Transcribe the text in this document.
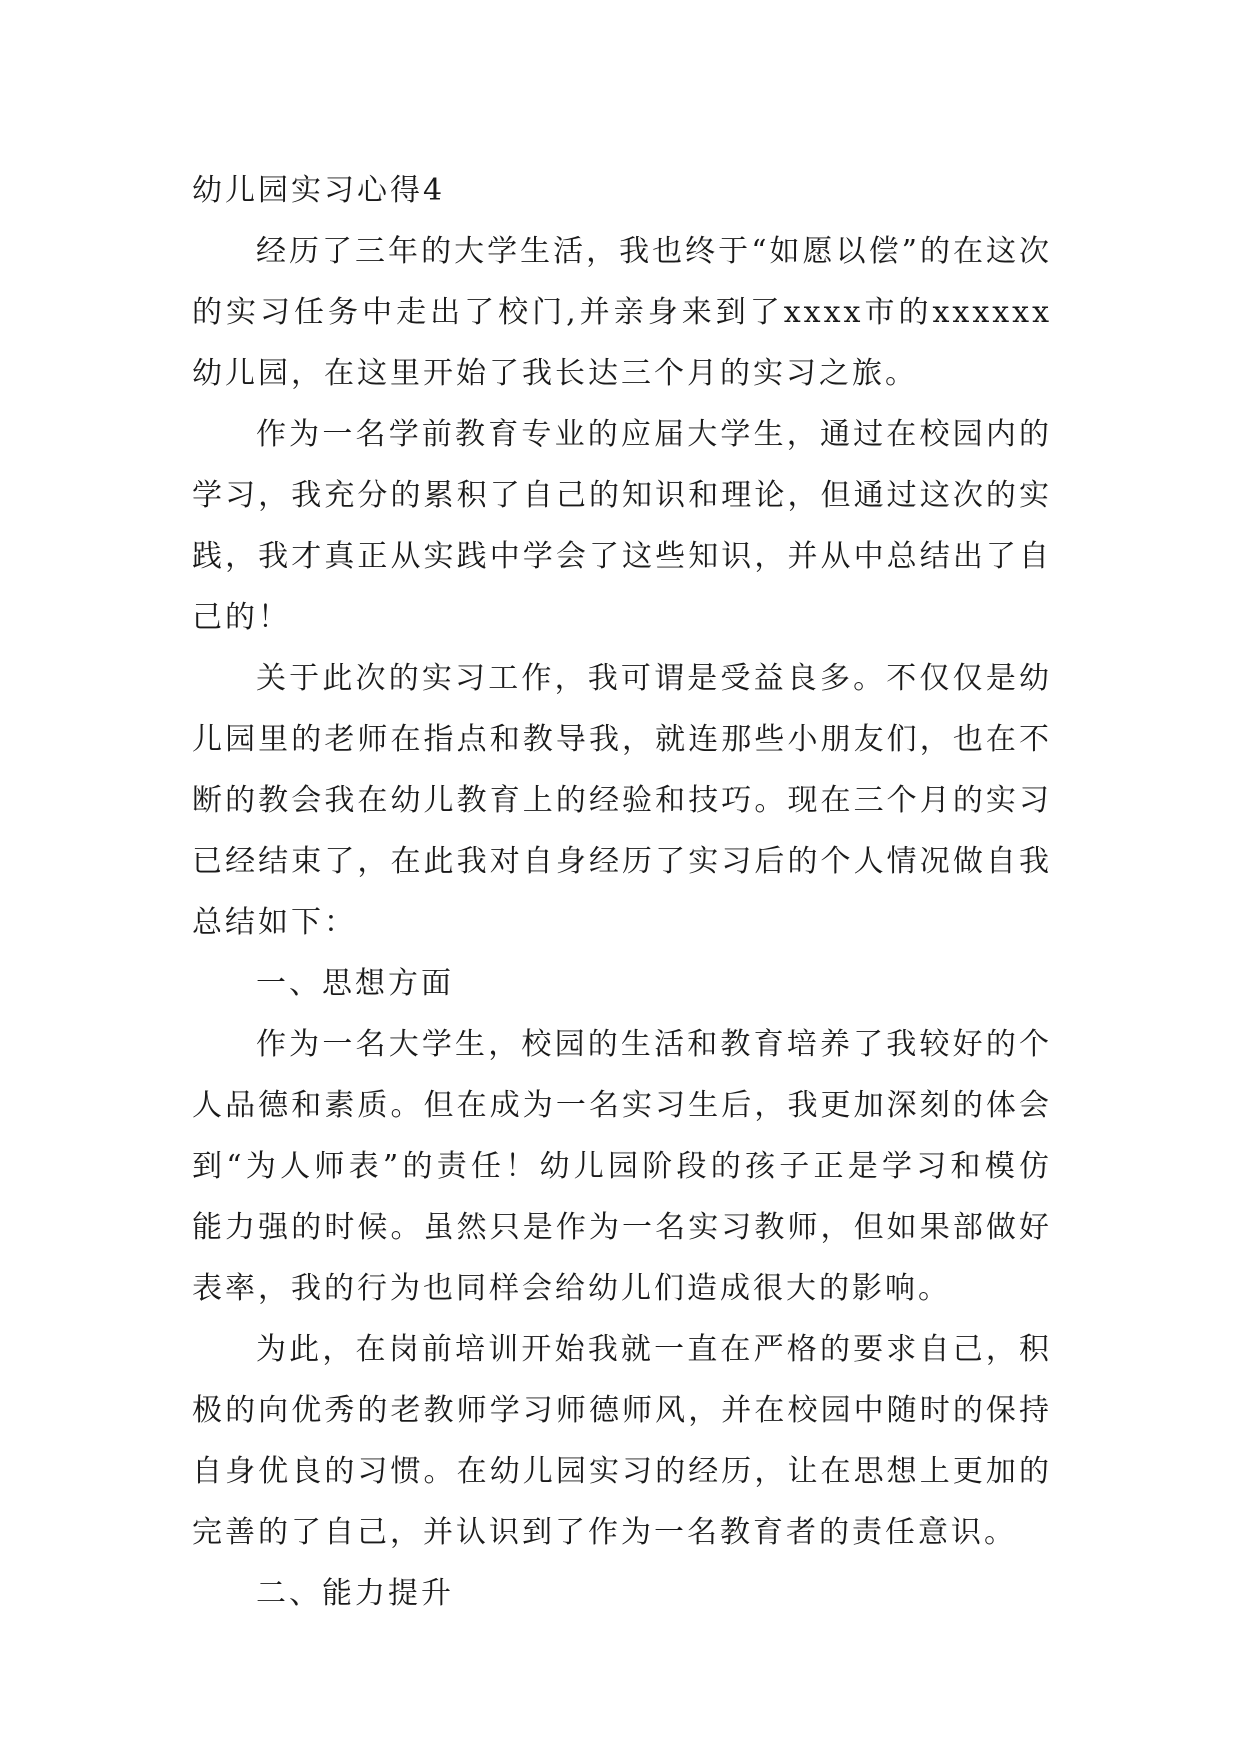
幼儿园实习心得4

经历了三年的大学生活，我也终于“如愿以偿”的在这次的实习任务中走出了校门,并亲身来到了xxxx市的xxxxxx幼儿园，在这里开始了我长达三个月的实习之旅。

作为一名学前教育专业的应届大学生，通过在校园内的学习，我充分的累积了自己的知识和理论，但通过这次的实践，我才真正从实践中学会了这些知识，并从中总结出了自己的！

关于此次的实习工作，我可谓是受益良多。不仅仅是幼儿园里的老师在指点和教导我，就连那些小朋友们，也在不断的教会我在幼儿教育上的经验和技巧。现在三个月的实习已经结束了，在此我对自身经历了实习后的个人情况做自我总结如下：

一、思想方面

作为一名大学生，校园的生活和教育培养了我较好的个人品德和素质。但在成为一名实习生后，我更加深刻的体会到“为人师表”的责任！幼儿园阶段的孩子正是学习和模仿能力强的时候。虽然只是作为一名实习教师，但如果部做好表率，我的行为也同样会给幼儿们造成很大的影响。

为此，在岗前培训开始我就一直在严格的要求自己，积极的向优秀的老教师学习师德师风，并在校园中随时的保持自身优良的习惯。在幼儿园实习的经历，让在思想上更加的完善的了自己，并认识到了作为一名教育者的责任意识。

二、能力提升
